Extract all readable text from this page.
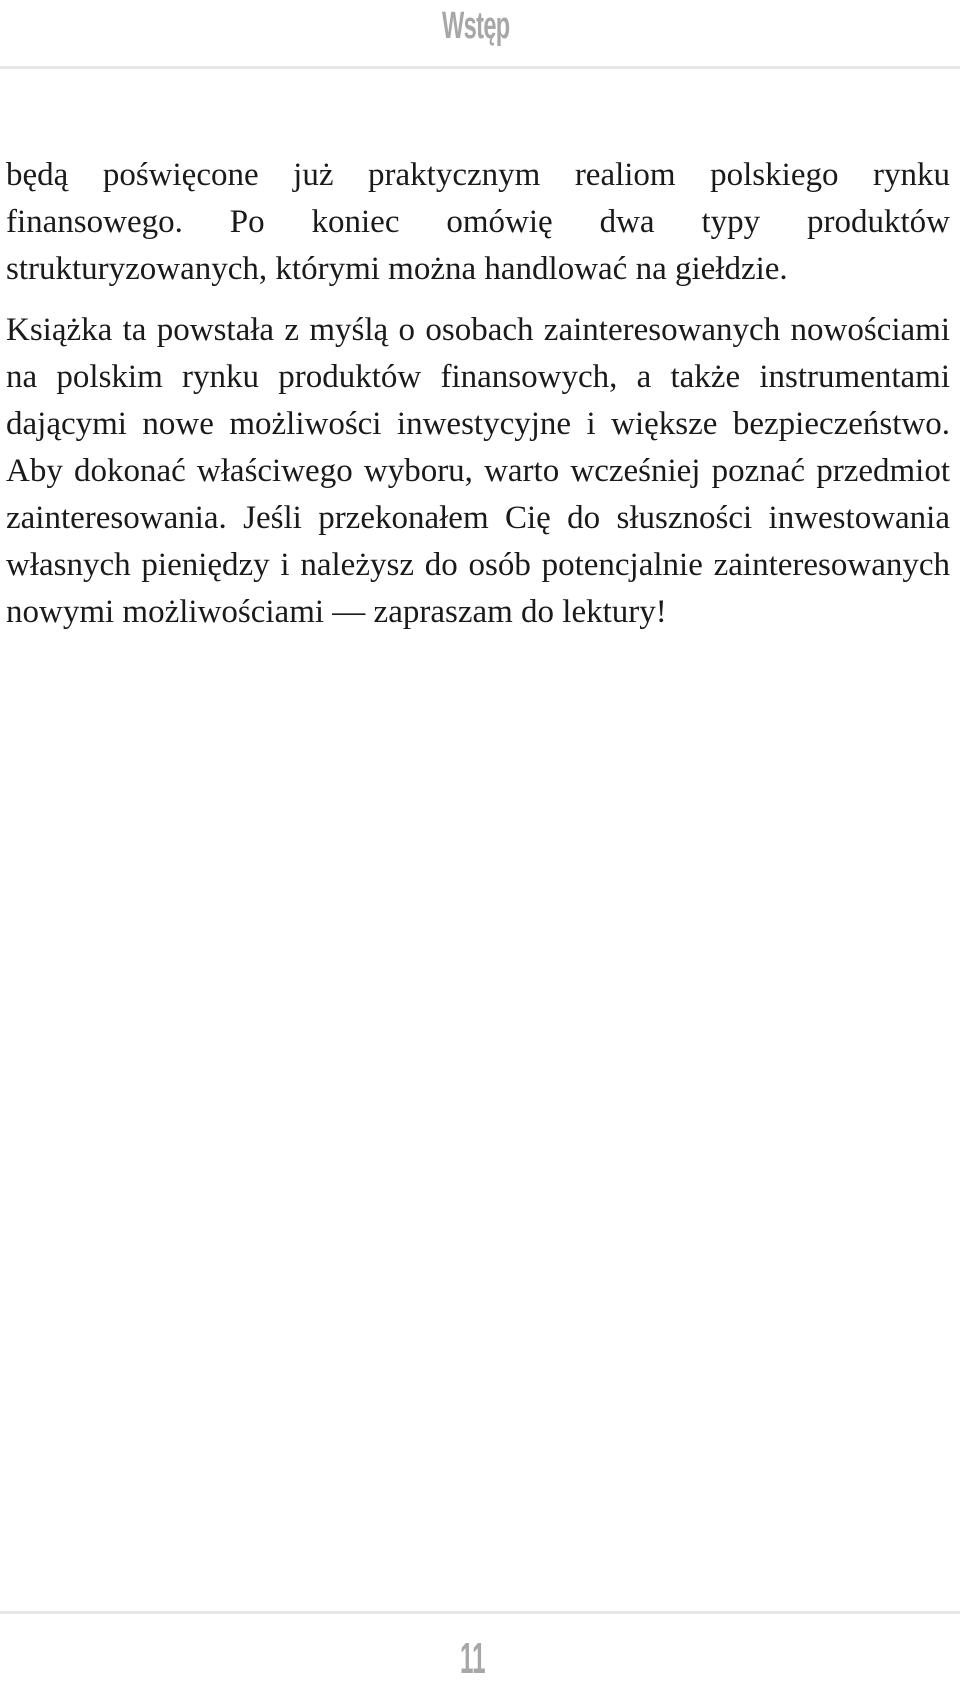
Wstęp

będą poświęcone już praktycznym realiom polskiego rynku finansowego. Po koniec omówię dwa typy produktów strukturyzowanych, którymi można handlować na giełdzie.

Książka ta powstała z myślą o osobach zainteresowanych nowościami na polskim rynku produktów finansowych, a także instrumentami dającymi nowe możliwości inwestycyjne i większe bezpieczeństwo. Aby dokonać właściwego wyboru, warto wcześniej poznać przedmiot zainteresowania. Jeśli przekonałem Cię do słuszności inwestowania własnych pieniędzy i należysz do osób potencjalnie zainteresowanych nowymi możliwościami — zapraszam do lektury!

11
